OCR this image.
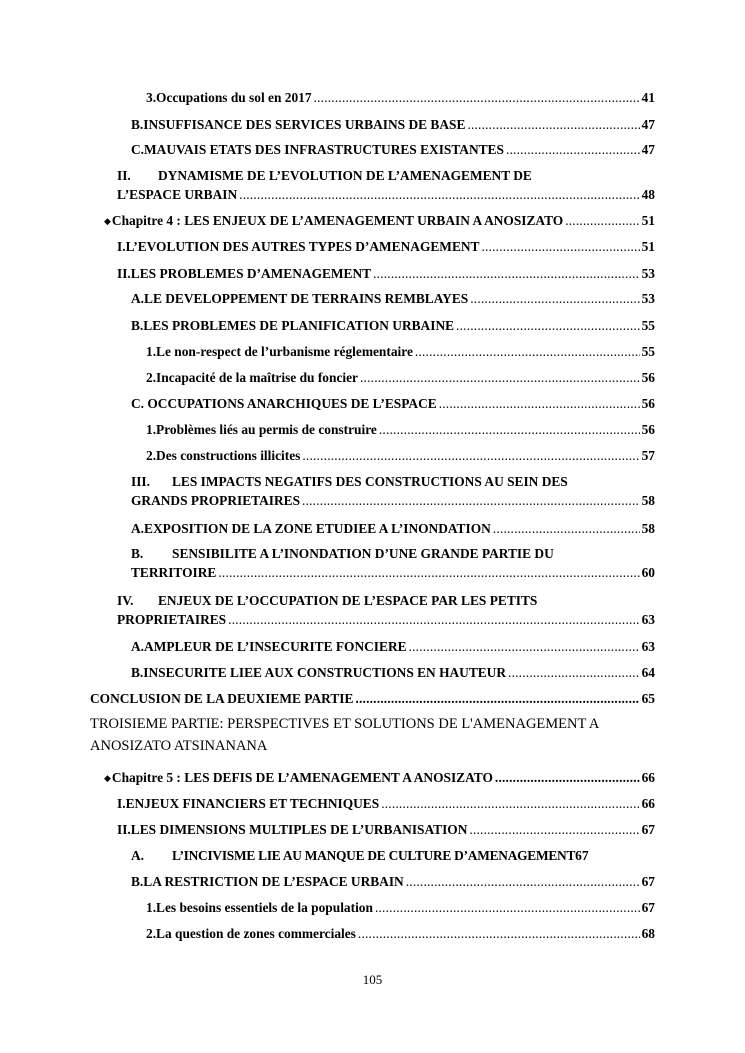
3. Occupations du sol en 2017 .....	41
B. INSUFFISANCE DES SERVICES URBAINS DE BASE .....	47
C. MAUVAIS ETATS DES INFRASTRUCTURES EXISTANTES .....	47
II.	DYNAMISME DE L’EVOLUTION DE L’AMENAGEMENT DE
L’ESPACE URBAIN .....	48
◆ Chapitre 4 : LES ENJEUX DE L’AMENAGEMENT URBAIN A ANOSIZATO .....	51
I. L’EVOLUTION DES AUTRES TYPES D’AMENAGEMENT .....	51
II. LES PROBLEMES D’AMENAGEMENT .....	53
A. LE DEVELOPPEMENT DE TERRAINS REMBLAYES .....	53
B. LES PROBLEMES DE PLANIFICATION URBAINE .....	55
1. Le non-respect de l’urbanisme réglementaire .....	55
2. Incapacité de la maîtrise du foncier .....	56
C. OCCUPATIONS ANARCHIQUES DE L’ESPACE .....	56
1. Problèmes liés au permis de construire .....	56
2. Des constructions illicites .....	57
III.	LES IMPACTS NEGATIFS DES CONSTRUCTIONS AU SEIN DES
GRANDS PROPRIETAIRES .....	58
A. EXPOSITION DE LA ZONE ETUDIEE A L’INONDATION .....	58
B.	SENSIBILITE A L’INONDATION D’UNE GRANDE PARTIE DU
TERRITOIRE .....	60
IV.	ENJEUX DE L’OCCUPATION DE L’ESPACE PAR LES PETITS
PROPRIETAIRES .....	63
A. AMPLEUR DE L’INSECURITE FONCIERE .....	63
B. INSECURITE LIEE AUX CONSTRUCTIONS EN HAUTEUR .....	64
CONCLUSION DE LA DEUXIEME PARTIE .....	65
TROISIEME PARTIE: PERSPECTIVES ET SOLUTIONS DE L'AMENAGEMENT A
ANOSIZATO ATSINANANA
◆ Chapitre 5 : LES DEFIS DE L’AMENAGEMENT A ANOSIZATO .....	66
I. ENJEUX FINANCIERS ET TECHNIQUES .....	66
II. LES DIMENSIONS MULTIPLES DE L’URBANISATION .....	67
A.	L’INCIVISME LIE AU MANQUE DE CULTURE D’AMENAGEMENT 67
B. LA RESTRICTION DE L’ESPACE URBAIN .....	67
1. Les besoins essentiels de la population .....	67
2. La question de zones commerciales .....	68
105
